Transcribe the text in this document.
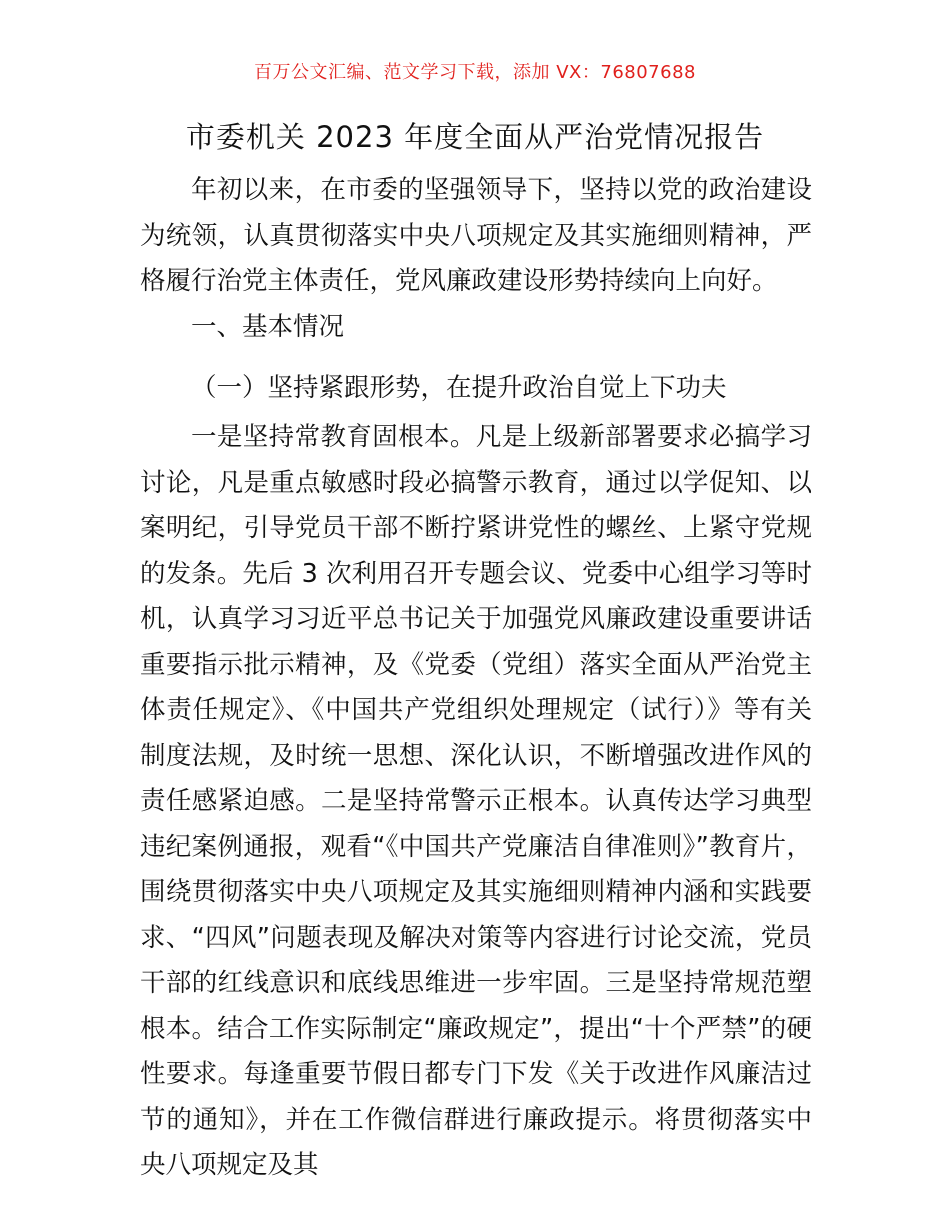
百万公文汇编、范文学习下载，添加 VX：76807688
市委机关 2023 年度全面从严治党情况报告

年初以来，在市委的坚强领导下，坚持以党的政治建设为统领，认真贯彻落实中央八项规定及其实施细则精神，严格履行治党主体责任，党风廉政建设形势持续向上向好。

一、基本情况

（一）坚持紧跟形势，在提升政治自觉上下功夫

一是坚持常教育固根本。凡是上级新部署要求必搞学习讨论，凡是重点敏感时段必搞警示教育，通过以学促知、以案明纪，引导党员干部不断拧紧讲党性的螺丝、上紧守党规的发条。先后 3 次利用召开专题会议、党委中心组学习等时机，认真学习习近平总书记关于加强党风廉政建设重要讲话重要指示批示精神，及《党委（党组）落实全面从严治党主体责任规定》、《中国共产党组织处理规定（试行）》等有关制度法规，及时统一思想、深化认识，不断增强改进作风的责任感紧迫感。二是坚持常警示正根本。认真传达学习典型违纪案例通报，观看“《中国共产党廉洁自律准则》”教育片，围绕贯彻落实中央八项规定及其实施细则精神内涵和实践要求、“四风”问题表现及解决对策等内容进行讨论交流，党员干部的红线意识和底线思维进一步牢固。三是坚持常规范塑根本。结合工作实际制定“廉政规定”，提出“十个严禁”的硬性要求。每逢重要节假日都专门下发《关于改进作风廉洁过节的通知》，并在工作微信群进行廉政提示。将贯彻落实中央八项规定及其
